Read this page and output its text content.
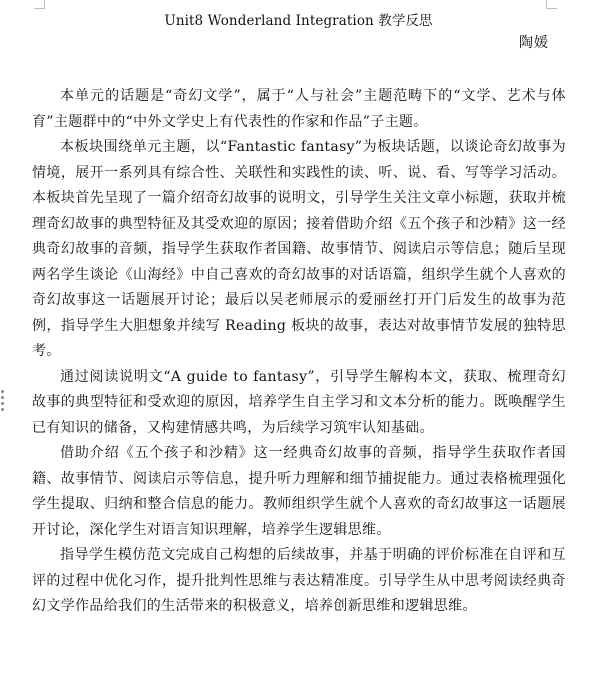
Unit8 Wonderland Integration 教学反思
陶媛

本单元的话题是“奇幻文学”，属于“人与社会”主题范畴下的“文学、艺术与体育”主题群中的“中外文学史上有代表性的作家和作品”子主题。

本板块围绕单元主题，以“Fantastic fantasy”为板块话题，以谈论奇幻故事为情境，展开一系列具有综合性、关联性和实践性的读、听、说、看、写等学习活动。本板块首先呈现了一篇介绍奇幻故事的说明文，引导学生关注文章小标题，获取并梳理奇幻故事的典型特征及其受欢迎的原因；接着借助介绍《五个孩子和沙精》这一经典奇幻故事的音频，指导学生获取作者国籍、故事情节、阅读启示等信息；随后呈现两名学生谈论《山海经》中自己喜欢的奇幻故事的对话语篇，组织学生就个人喜欢的奇幻故事这一话题展开讨论；最后以吴老师展示的爱丽丝打开门后发生的故事为范例，指导学生大胆想象并续写 Reading 板块的故事，表达对故事情节发展的独特思考。

通过阅读说明文“A guide to fantasy”，引导学生解构本文，获取、梳理奇幻故事的典型特征和受欢迎的原因，培养学生自主学习和文本分析的能力。既唤醒学生已有知识的储备，又构建情感共鸣，为后续学习筑牢认知基础。

借助介绍《五个孩子和沙精》这一经典奇幻故事的音频，指导学生获取作者国籍、故事情节、阅读启示等信息，提升听力理解和细节捕捉能力。通过表格梳理强化学生提取、归纳和整合信息的能力。教师组织学生就个人喜欢的奇幻故事这一话题展开讨论，深化学生对语言知识理解，培养学生逻辑思维。

指导学生模仿范文完成自己构想的后续故事，并基于明确的评价标准在自评和互评的过程中优化习作，提升批判性思维与表达精准度。引导学生从中思考阅读经典奇幻文学作品给我们的生活带来的积极意义，培养创新思维和逻辑思维。
